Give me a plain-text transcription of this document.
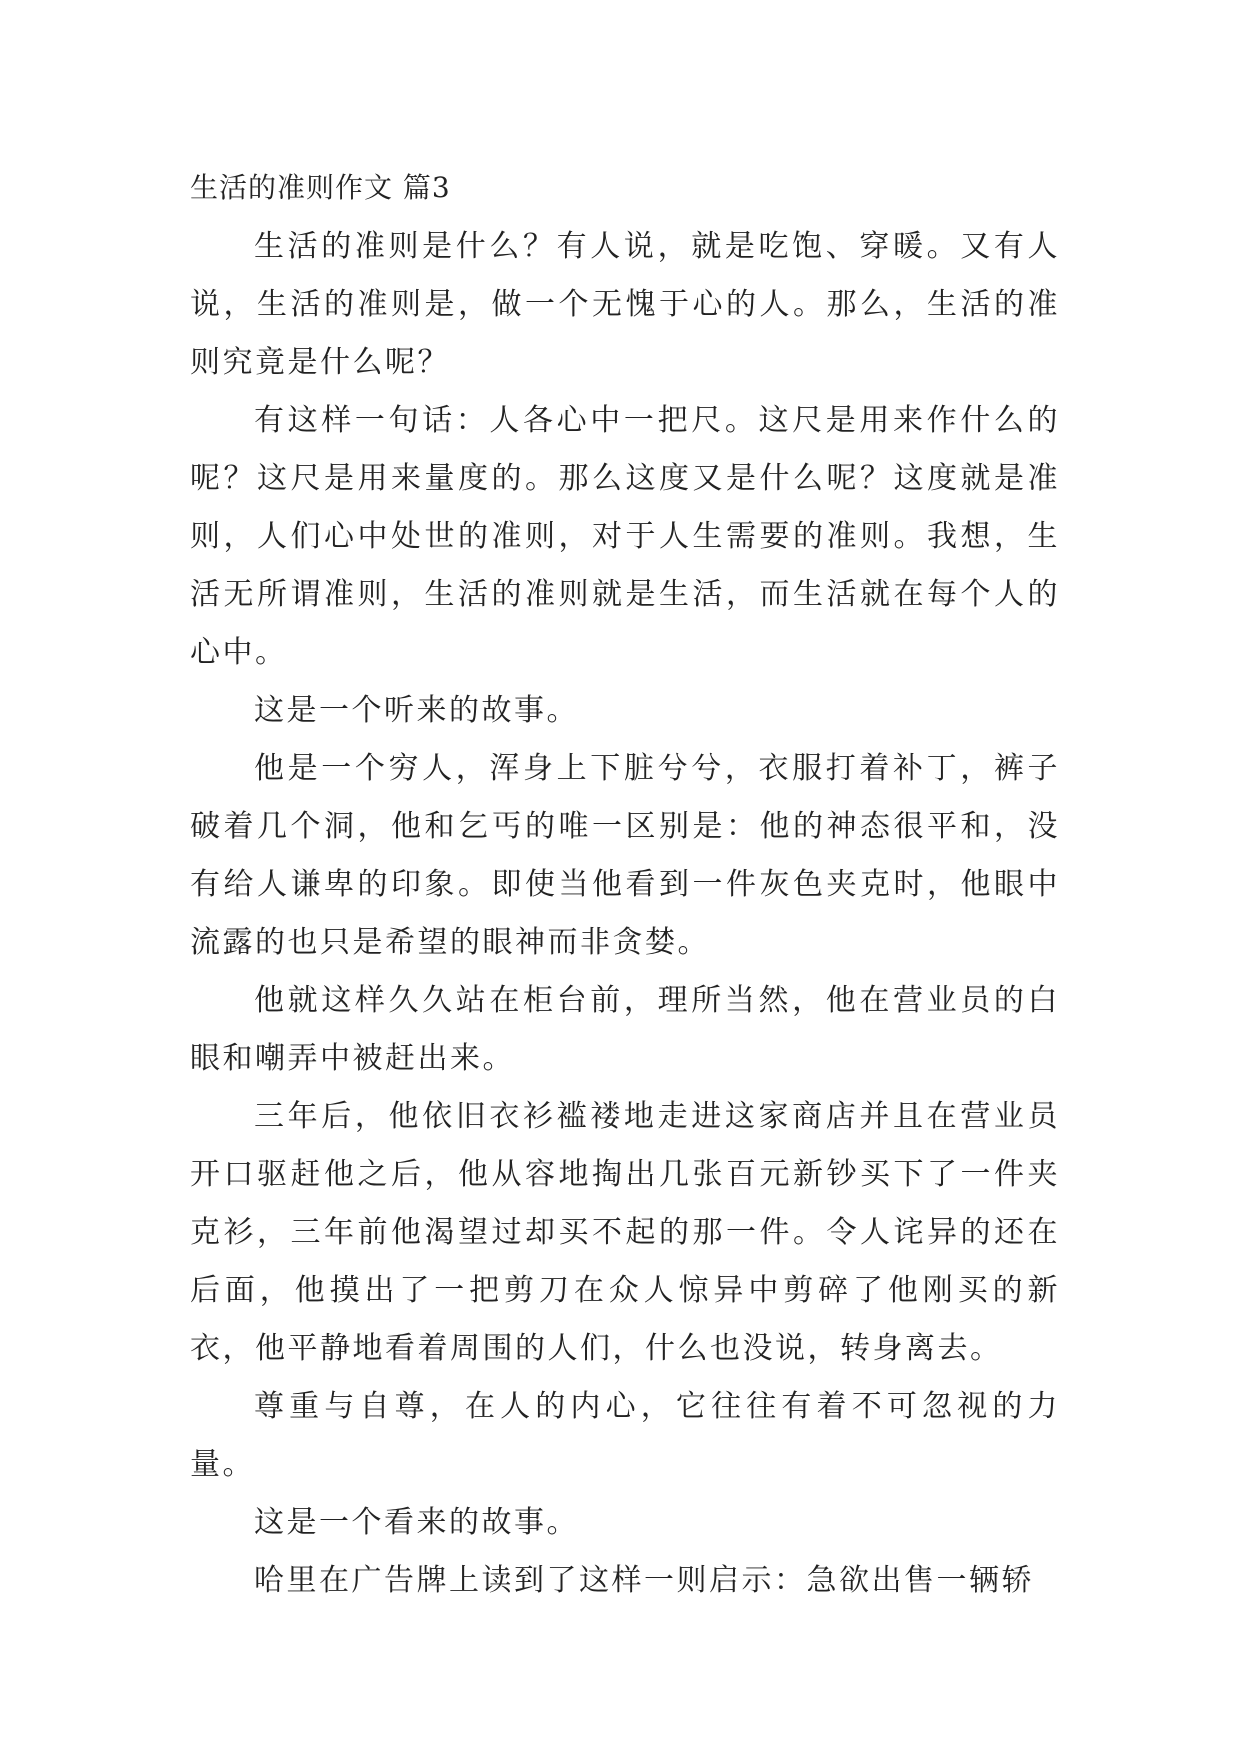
生活的准则作文 篇3

生活的准则是什么？有人说，就是吃饱、穿暖。又有人说，生活的准则是，做一个无愧于心的人。那么，生活的准则究竟是什么呢？

有这样一句话：人各心中一把尺。这尺是用来作什么的呢？这尺是用来量度的。那么这度又是什么呢？这度就是准则，人们心中处世的准则，对于人生需要的准则。我想，生活无所谓准则，生活的准则就是生活，而生活就在每个人的心中。

这是一个听来的故事。

他是一个穷人，浑身上下脏兮兮，衣服打着补丁，裤子破着几个洞，他和乞丐的唯一区别是：他的神态很平和，没有给人谦卑的印象。即使当他看到一件灰色夹克时，他眼中流露的也只是希望的眼神而非贪婪。

他就这样久久站在柜台前，理所当然，他在营业员的白眼和嘲弄中被赶出来。

三年后，他依旧衣衫褴褛地走进这家商店并且在营业员开口驱赶他之后，他从容地掏出几张百元新钞买下了一件夹克衫，三年前他渴望过却买不起的那一件。令人诧异的还在后面，他摸出了一把剪刀在众人惊异中剪碎了他刚买的新衣，他平静地看着周围的人们，什么也没说，转身离去。

尊重与自尊，在人的内心，它往往有着不可忽视的力量。

这是一个看来的故事。

哈里在广告牌上读到了这样一则启示：急欲出售一辆轿
